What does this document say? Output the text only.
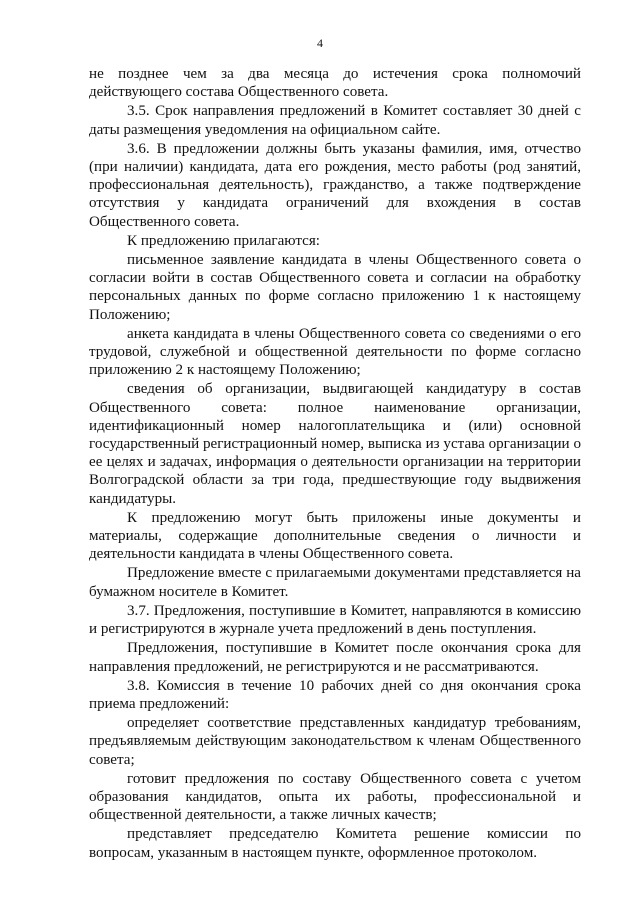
4

не позднее чем за два месяца до истечения срока полномочий действующего состава Общественного совета.

3.5. Срок направления предложений в Комитет составляет 30 дней с даты размещения уведомления на официальном сайте.

3.6. В предложении должны быть указаны фамилия, имя, отчество (при наличии) кандидата, дата его рождения, место работы (род занятий, профессиональная деятельность), гражданство, а также подтверждение отсутствия у кандидата ограничений для вхождения в состав Общественного совета.

К предложению прилагаются:

письменное заявление кандидата в члены Общественного совета о согласии войти в состав Общественного совета и согласии на обработку персональных данных по форме согласно приложению 1 к настоящему Положению;

анкета кандидата в члены Общественного совета со сведениями о его трудовой, служебной и общественной деятельности по форме согласно приложению 2 к настоящему Положению;

сведения об организации, выдвигающей кандидатуру в состав Общественного совета: полное наименование организации, идентификационный номер налогоплательщика и (или) основной государственный регистрационный номер, выписка из устава организации о ее целях и задачах, информация о деятельности организации на территории Волгоградской области за три года, предшествующие году выдвижения кандидатуры.

К предложению могут быть приложены иные документы и материалы, содержащие дополнительные сведения о личности и деятельности кандидата в члены Общественного совета.

Предложение вместе с прилагаемыми документами представляется на бумажном носителе в Комитет.

3.7. Предложения, поступившие в Комитет, направляются в комиссию и регистрируются в журнале учета предложений в день поступления.

Предложения, поступившие в Комитет после окончания срока для направления предложений, не регистрируются и не рассматриваются.

3.8. Комиссия в течение 10 рабочих дней со дня окончания срока приема предложений:

определяет соответствие представленных кандидатур требованиям, предъявляемым действующим законодательством к членам Общественного совета;

готовит предложения по составу Общественного совета с учетом образования кандидатов, опыта их работы, профессиональной и общественной деятельности, а также личных качеств;

представляет председателю Комитета решение комиссии по вопросам, указанным в настоящем пункте, оформленное протоколом.
